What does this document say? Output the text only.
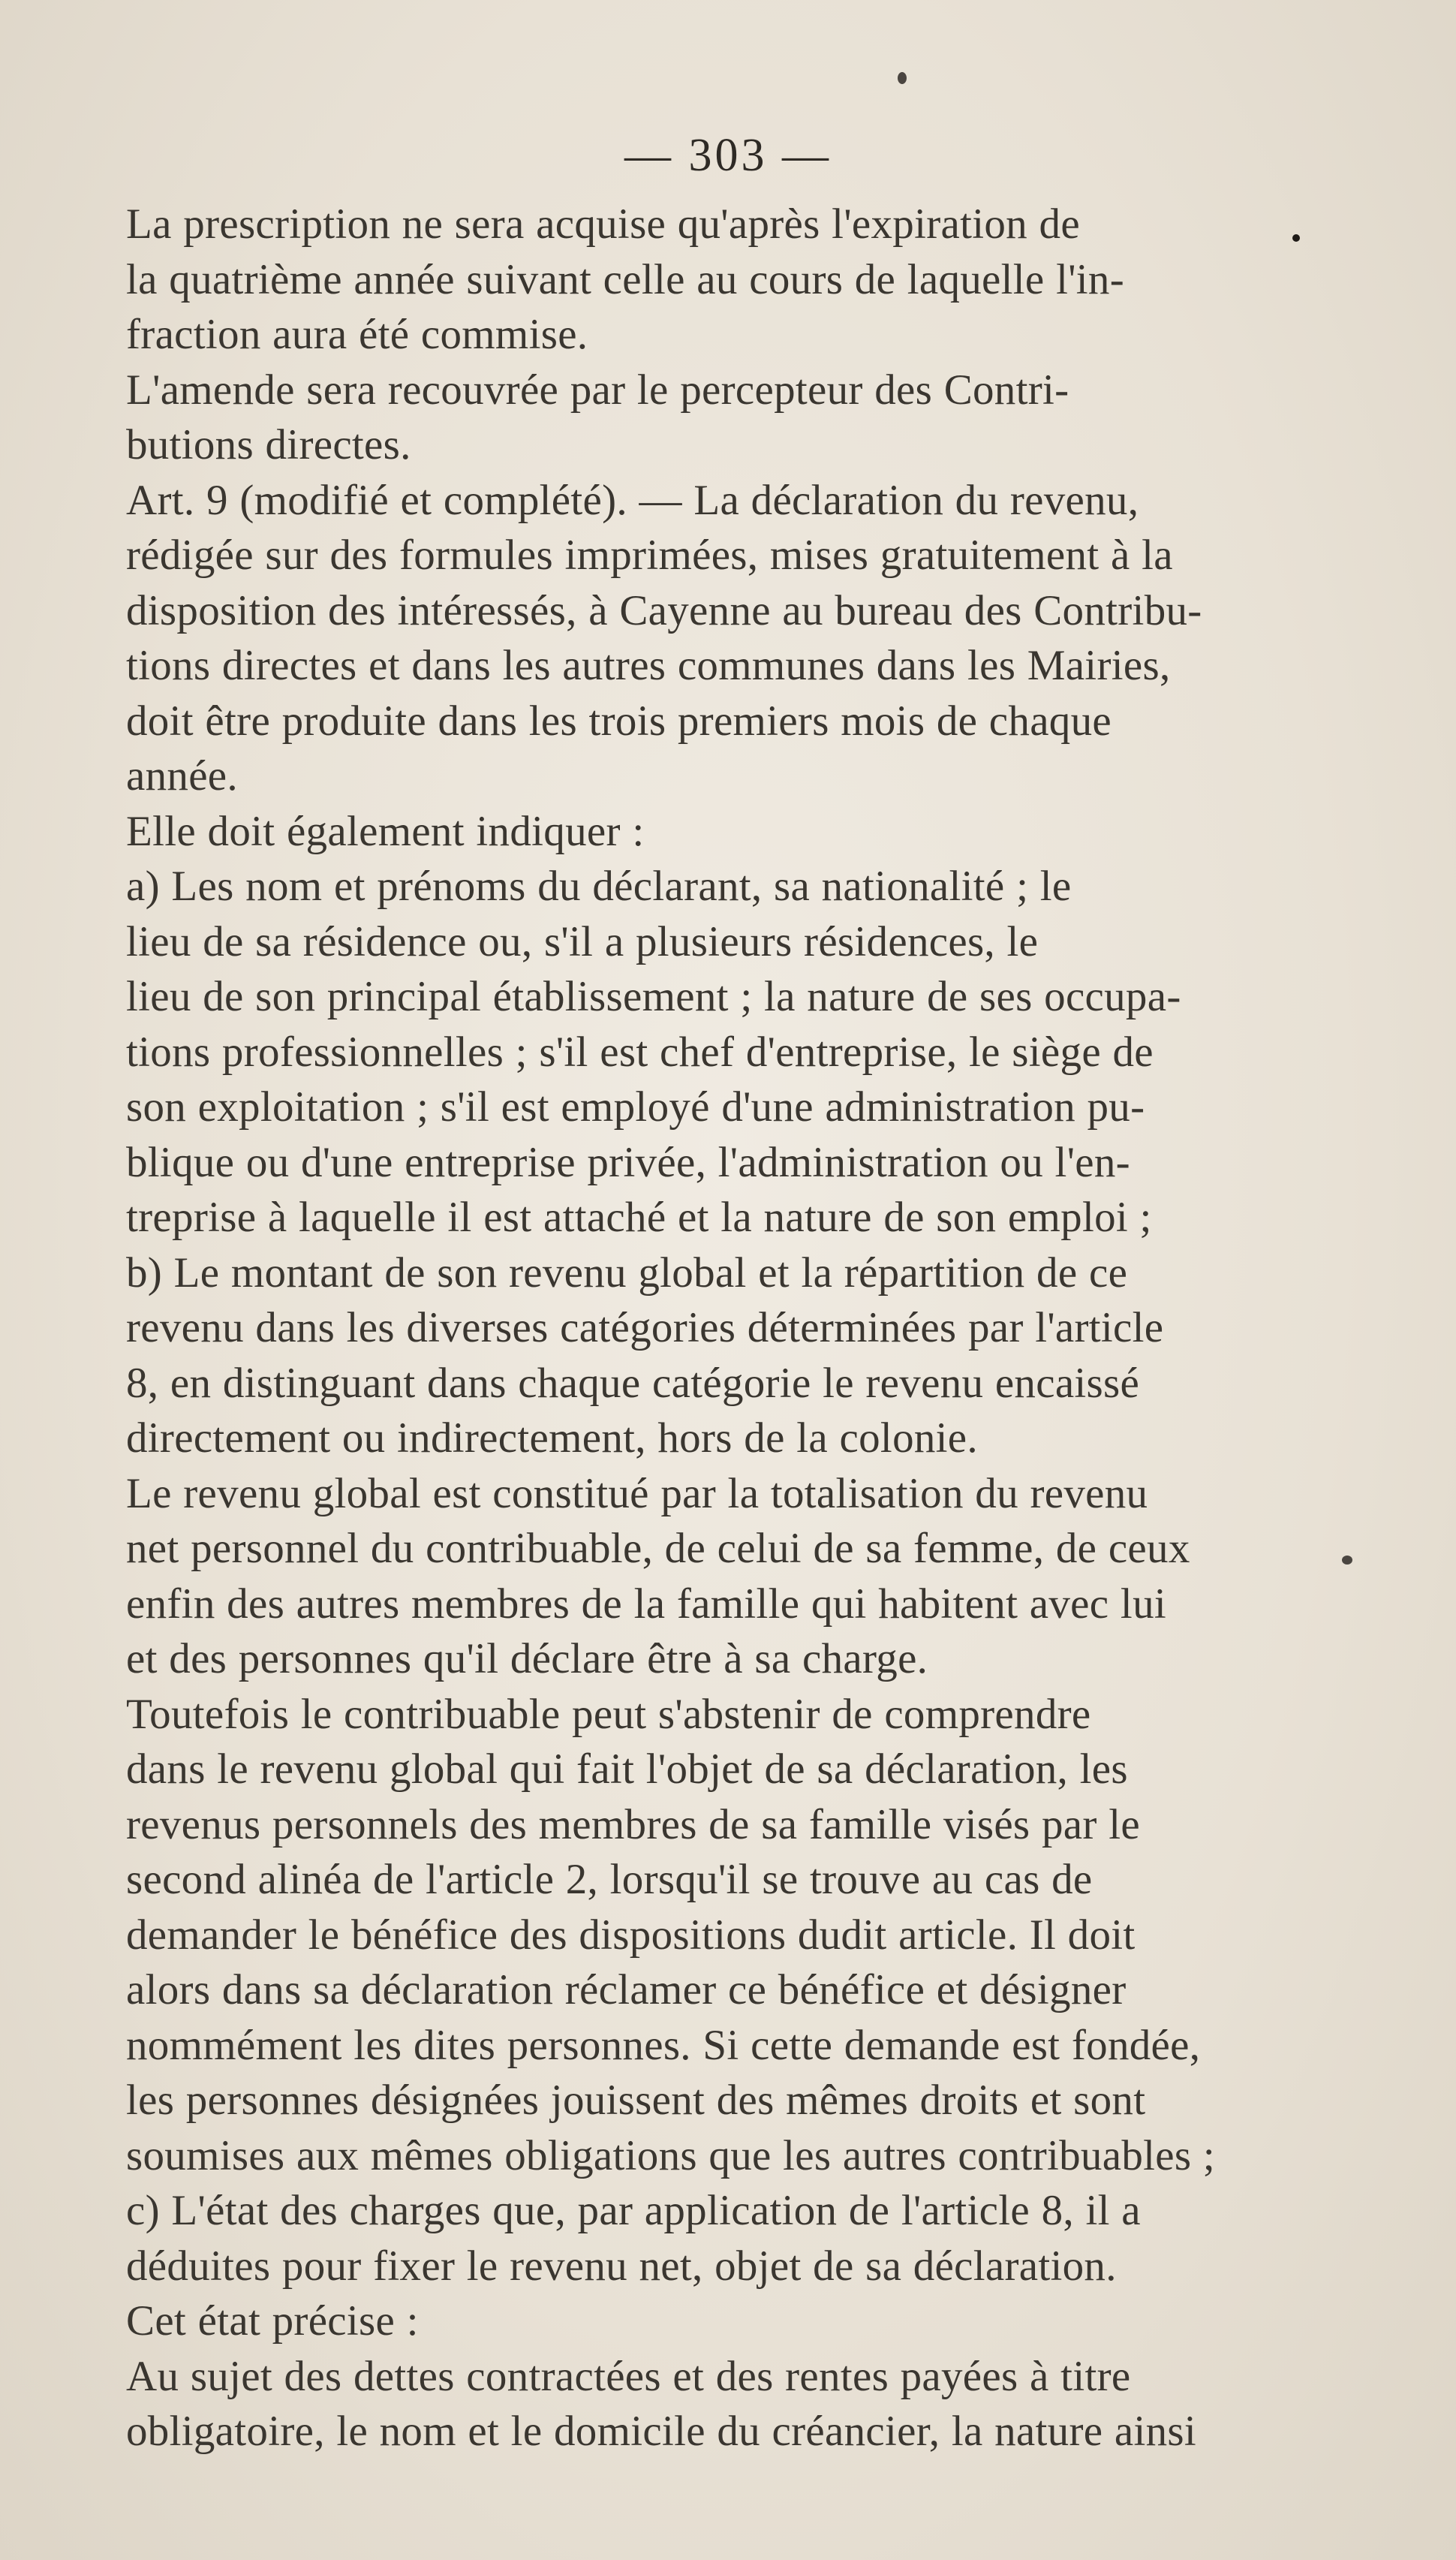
— 303 —
La prescription ne sera acquise qu'après l'expiration de
la quatrième année suivant celle au cours de laquelle l'in-
fraction aura été commise.
L'amende sera recouvrée par le percepteur des Contri-
butions directes.
Art. 9 (modifié et complété). — La déclaration du revenu,
rédigée sur des formules imprimées, mises gratuitement à la
disposition des intéressés, à Cayenne au bureau des Contribu-
tions directes et dans les autres communes dans les Mairies,
doit être produite dans les trois premiers mois de chaque
année.
Elle doit également indiquer :
a) Les nom et prénoms du déclarant, sa nationalité ; le
lieu de sa résidence ou, s'il a plusieurs résidences, le
lieu de son principal établissement ; la nature de ses occupa-
tions professionnelles ; s'il est chef d'entreprise, le siège de
son exploitation ; s'il est employé d'une administration pu-
blique ou d'une entreprise privée, l'administration ou l'en-
treprise à laquelle il est attaché et la nature de son emploi ;
b) Le montant de son revenu global et la répartition de ce
revenu dans les diverses catégories déterminées par l'article
8, en distinguant dans chaque catégorie le revenu encaissé
directement ou indirectement, hors de la colonie.
Le revenu global est constitué par la totalisation du revenu
net personnel du contribuable, de celui de sa femme, de ceux
enfin des autres membres de la famille qui habitent avec lui
et des personnes qu'il déclare être à sa charge.
Toutefois le contribuable peut s'abstenir de comprendre
dans le revenu global qui fait l'objet de sa déclaration, les
revenus personnels des membres de sa famille visés par le
second alinéa de l'article 2, lorsqu'il se trouve au cas de
demander le bénéfice des dispositions dudit article. Il doit
alors dans sa déclaration réclamer ce bénéfice et désigner
nommément les dites personnes. Si cette demande est fondée,
les personnes désignées jouissent des mêmes droits et sont
soumises aux mêmes obligations que les autres contribuables ;
c) L'état des charges que, par application de l'article 8, il a
déduites pour fixer le revenu net, objet de sa déclaration.
Cet état précise :
Au sujet des dettes contractées et des rentes payées à titre
obligatoire, le nom et le domicile du créancier, la nature ainsi
